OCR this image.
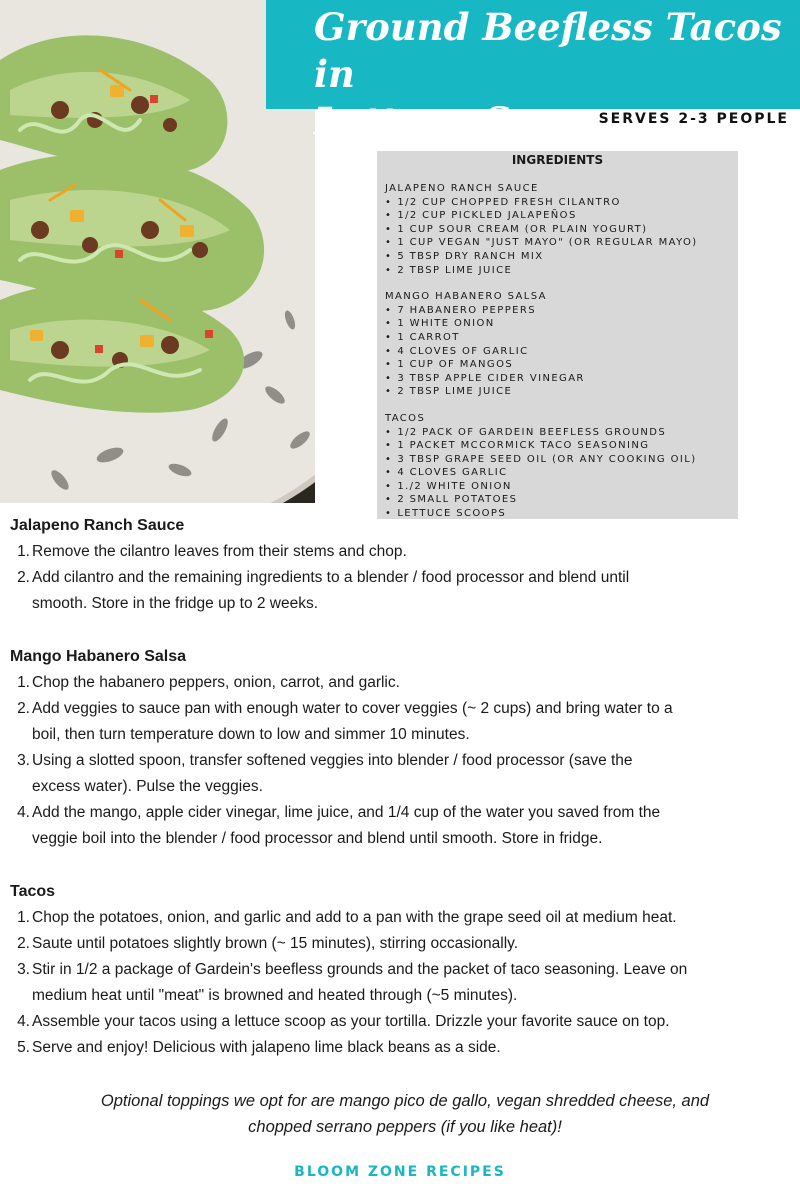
Ground Beefless Tacos in
Lettuce Scoops
SERVES 2-3 PEOPLE
INGREDIENTS
JALAPENO RANCH SAUCE
• 1/2 CUP CHOPPED FRESH CILANTRO
• 1/2 CUP PICKLED JALAPEÑOS
• 1 CUP SOUR CREAM (OR PLAIN YOGURT)
• 1 CUP VEGAN "JUST MAYO" (OR REGULAR MAYO)
• 5 TBSP DRY RANCH MIX
• 2 TBSP LIME JUICE
MANGO HABANERO SALSA
• 7 HABANERO PEPPERS
• 1 WHITE ONION
• 1 CARROT
• 4 CLOVES OF GARLIC
• 1 CUP OF MANGOS
• 3 TBSP APPLE CIDER VINEGAR
• 2 TBSP LIME JUICE
TACOS
• 1/2 PACK OF GARDEIN BEEFLESS GROUNDS
• 1 PACKET MCCORMICK TACO SEASONING
• 3 TBSP GRAPE SEED OIL (OR ANY COOKING OIL)
• 4 CLOVES GARLIC
• 1./2 WHITE ONION
• 2 SMALL POTATOES
• LETTUCE SCOOPS
Jalapeno Ranch Sauce
1. Remove the cilantro leaves from their stems and chop.
2. Add cilantro and the remaining ingredients to a blender / food processor and blend until
smooth. Store in the fridge up to 2 weeks.
Mango Habanero Salsa
1. Chop the habanero peppers, onion, carrot, and garlic.
2. Add veggies to sauce pan with enough water to cover veggies (~ 2 cups) and bring water to a
boil, then turn temperature down to low and simmer 10 minutes.
3. Using a slotted spoon, transfer softened veggies into blender / food processor (save the
excess water). Pulse the veggies.
4. Add the mango, apple cider vinegar, lime juice, and 1/4 cup of the water you saved from the
veggie boil into the blender / food processor and blend until smooth. Store in fridge.
Tacos
1. Chop the potatoes, onion, and garlic and add to a pan with the grape seed oil at medium heat.
2. Saute until potatoes slightly brown (~ 15 minutes), stirring occasionally.
3. Stir in 1/2 a package of Gardein's beefless grounds and the packet of taco seasoning. Leave on
medium heat until "meat" is browned and heated through (~5 minutes).
4. Assemble your tacos using a lettuce scoop as your tortilla. Drizzle your favorite sauce on top.
5. Serve and enjoy! Delicious with jalapeno lime black beans as a side.
Optional toppings we opt for are mango pico de gallo, vegan shredded cheese, and
chopped serrano peppers (if you like heat)!
BLOOM ZONE RECIPES
